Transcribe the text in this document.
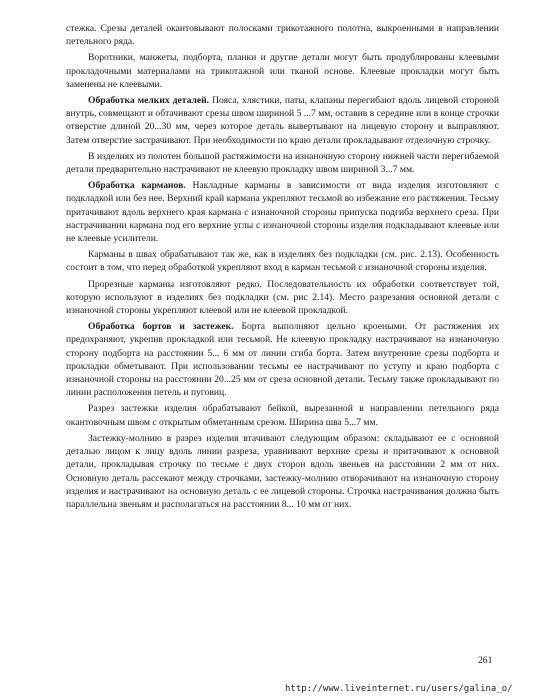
стежка. Срезы деталей окантовывают полосками трикотажного полотна, выкроенными в направлении петельного ряда.

Воротники, манжеты, подборта, планки и другие детали могут быть продублированы клеевыми прокладочными материалами на трикотажной или тканой основе. Клеевые прокладки могут быть заменены не клеевыми.

Обработка мелких деталей. Пояса, хлястики, паты, клапаны перегибают вдоль лицевой стороной внутрь, совмещают и обтачивают срезы швом шириной 5 ...7 мм, оставив в середине или в конце строчки отверстие длиной 20...30 мм, через которое деталь вывертывают на лицевую сторону и выправляют. Затем отверстие застрачивают. При необходимости по краю детали прокладывают отделочную строчку.

В изделиях из полотен большой растяжимости на изнаночную сторону нижней части перегибаемой детали предварительно настрачивают не клеевую прокладку швом шириной 3...7 мм.

Обработка карманов. Накладные карманы в зависимости от вида изделия изготовляют с подкладкой или без нее. Верхний край кармана укрепляют тесьмой во избежание его растяжения. Тесьму притачивают вдоль верхнего края кармана с изнаночной стороны припуска подгиба верхнего среза. При настрачивании кармана под его верхние углы с изнаночной стороны изделия подкладывают клеевые или не клеевые усилители.

Карманы в швах обрабатывают так же, как в изделиях без подкладки (см. рис. 2.13). Особенность состоит в том, что перед обработкой укрепляют вход в карман тесьмой с изнаночной стороны изделия.

Прорезные карманы изготовляют редко. Последовательность их обработки соответствует той, которую используют в изделиях без подкладки (см. рис 2.14). Место разрезания основной детали с изнаночной стороны укрепляют клеевой или не клеевой прокладкой.

Обработка бортов и застежек. Борта выполняют цельно кроеными. От растяжения их предохраняют, укрепив прокладкой или тесьмой. Не клеевую прокладку настрачивают на изнаночную сторону подборта на расстоянии 5... 6 мм от линии сгиба борта. Затем внутренние срезы подборта и прокладки обметывают. При использовании тесьмы ее настрачивают по уступу и краю подборта с изнаночной стороны на расстоянии 20...25 мм от среза основной детали. Тесьму также прокладывают по линии расположения петель и пуговиц.

Разрез застежки изделия обрабатывают бейкой, вырезанной в направлении петельного ряда окантовочным швом с открытым обметанным срезом. Ширина шва 5...7 мм.

Застежку-молнию в разрез изделия втачивают следующим образом: складывают ее с основной деталью лицом к лицу вдоль линии разреза, уравнивают верхние срезы и притачивают к основной детали, прокладывая строчку по тесьме с двух сторон вдоль звеньев на расстоянии 2 мм от них. Основную деталь рассекают между строчками, застежку-молнию отворачивают на изнаночную сторону изделия и настрачивают на основную деталь с ее лицевой стороны. Строчка настрачивания должна быть параллельна звеньям и располагаться на расстоянии 8... 10 мм от них.

261
http://www.liveinternet.ru/users/galina_o/
